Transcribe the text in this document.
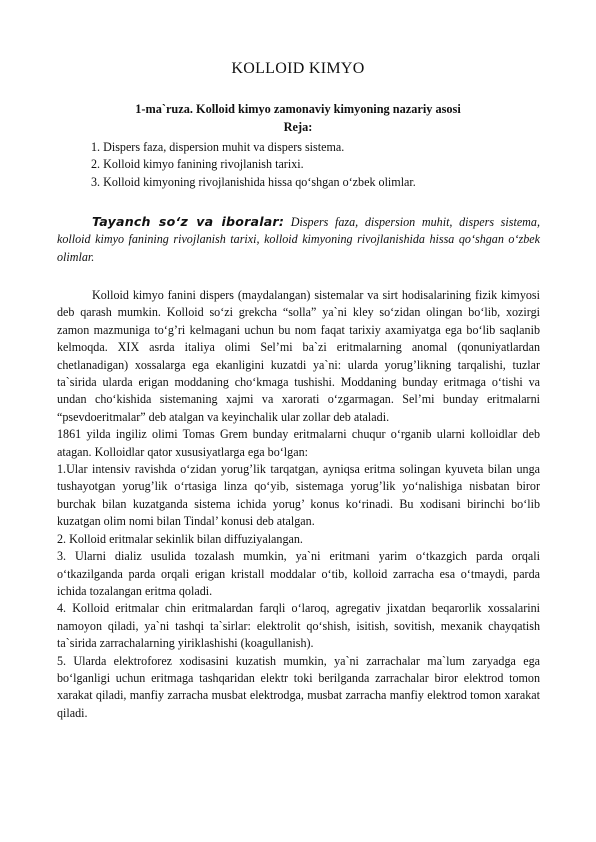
KOLLOID KIMYO
1-ma`ruza. Kolloid kimyo zamonaviy kimyoning nazariy asosi
Reja:
1. Dispers faza, dispersion muhit va dispers sistema.
2. Kolloid kimyo fanining rivojlanish tarixi.
3. Kolloid kimyoning rivojlanishida hissa qo‘shgan o‘zbek olimlar.
Tayanch so‘z va iboralar: Dispers faza, dispersion muhit, dispers sistema, kolloid kimyo fanining rivojlanish tarixi, kolloid kimyoning rivojlanishida hissa qo‘shgan o‘zbek olimlar.

Kolloid kimyo fanini dispers (maydalangan) sistemalar va sirt hodisalarining fizik kimyosi deb qarash mumkin. Kolloid so‘zi grekcha “solla” ya`ni kley so‘zidan olingan bo‘lib, xozirgi zamon mazmuniga to‘g’ri kelmagani uchun bu nom faqat tarixiy axamiyatga ega bo‘lib saqlanib kelmoqda. XIX asrda italiya olimi Sel’mi ba`zi eritmalarning anomal (qonuniyatlardan chetlanadigan) xossalarga ega ekanligini kuzatdi ya`ni: ularda yorug’likning tarqalishi, tuzlar ta`sirida ularda erigan moddaning cho‘kmaga tushishi. Moddaning bunday eritmaga o‘tishi va undan cho‘kishida sistemaning xajmi va xarorati o‘zgarmagan. Sel’mi bunday eritmalarni “psevdoeritmalar” deb atalgan va keyinchalik ular zollar deb ataladi.

1861 yilda ingiliz olimi Tomas Grem bunday eritmalarni chuqur o‘rganib ularni kolloidlar deb atagan. Kolloidlar qator xususiyatlarga ega bo‘lgan:

1.Ular intensiv ravishda o‘zidan yorug’lik tarqatgan, ayniqsa eritma solingan kyuveta bilan unga tushayotgan yorug’lik o‘rtasiga linza qo‘yib, sistemaga yorug’lik yo‘nalishiga nisbatan biror burchak bilan kuzatganda sistema ichida yorug’ konus ko‘rinadi. Bu xodisani birinchi bo‘lib kuzatgan olim nomi bilan Tindal’ konusi deb atalgan.

2. Kolloid eritmalar sekinlik bilan diffuziyalangan.

3. Ularni dializ usulida tozalash mumkin, ya`ni eritmani yarim o‘tkazgich parda orqali o‘tkazilganda parda orqali erigan kristall moddalar o‘tib, kolloid zarracha esa o‘tmaydi, parda ichida tozalangan eritma qoladi.

4. Kolloid eritmalar chin eritmalardan farqli o‘laroq, agregativ jixatdan beqarorlik xossalarini namoyon qiladi, ya`ni tashqi ta`sirlar: elektrolit qo‘shish, isitish, sovitish, mexanik chayqatish ta`sirida zarrachalarning yiriklashishi (koagullanish).

5. Ularda elektroforez xodisasini kuzatish mumkin, ya`ni zarrachalar ma`lum zaryadga ega bo‘lganligi uchun eritmaga tashqaridan elektr toki berilganda zarrachalar biror elektrod tomon xarakat qiladi, manfiy zarracha musbat elektrodga, musbat zarracha manfiy elektrod tomon xarakat qiladi.
